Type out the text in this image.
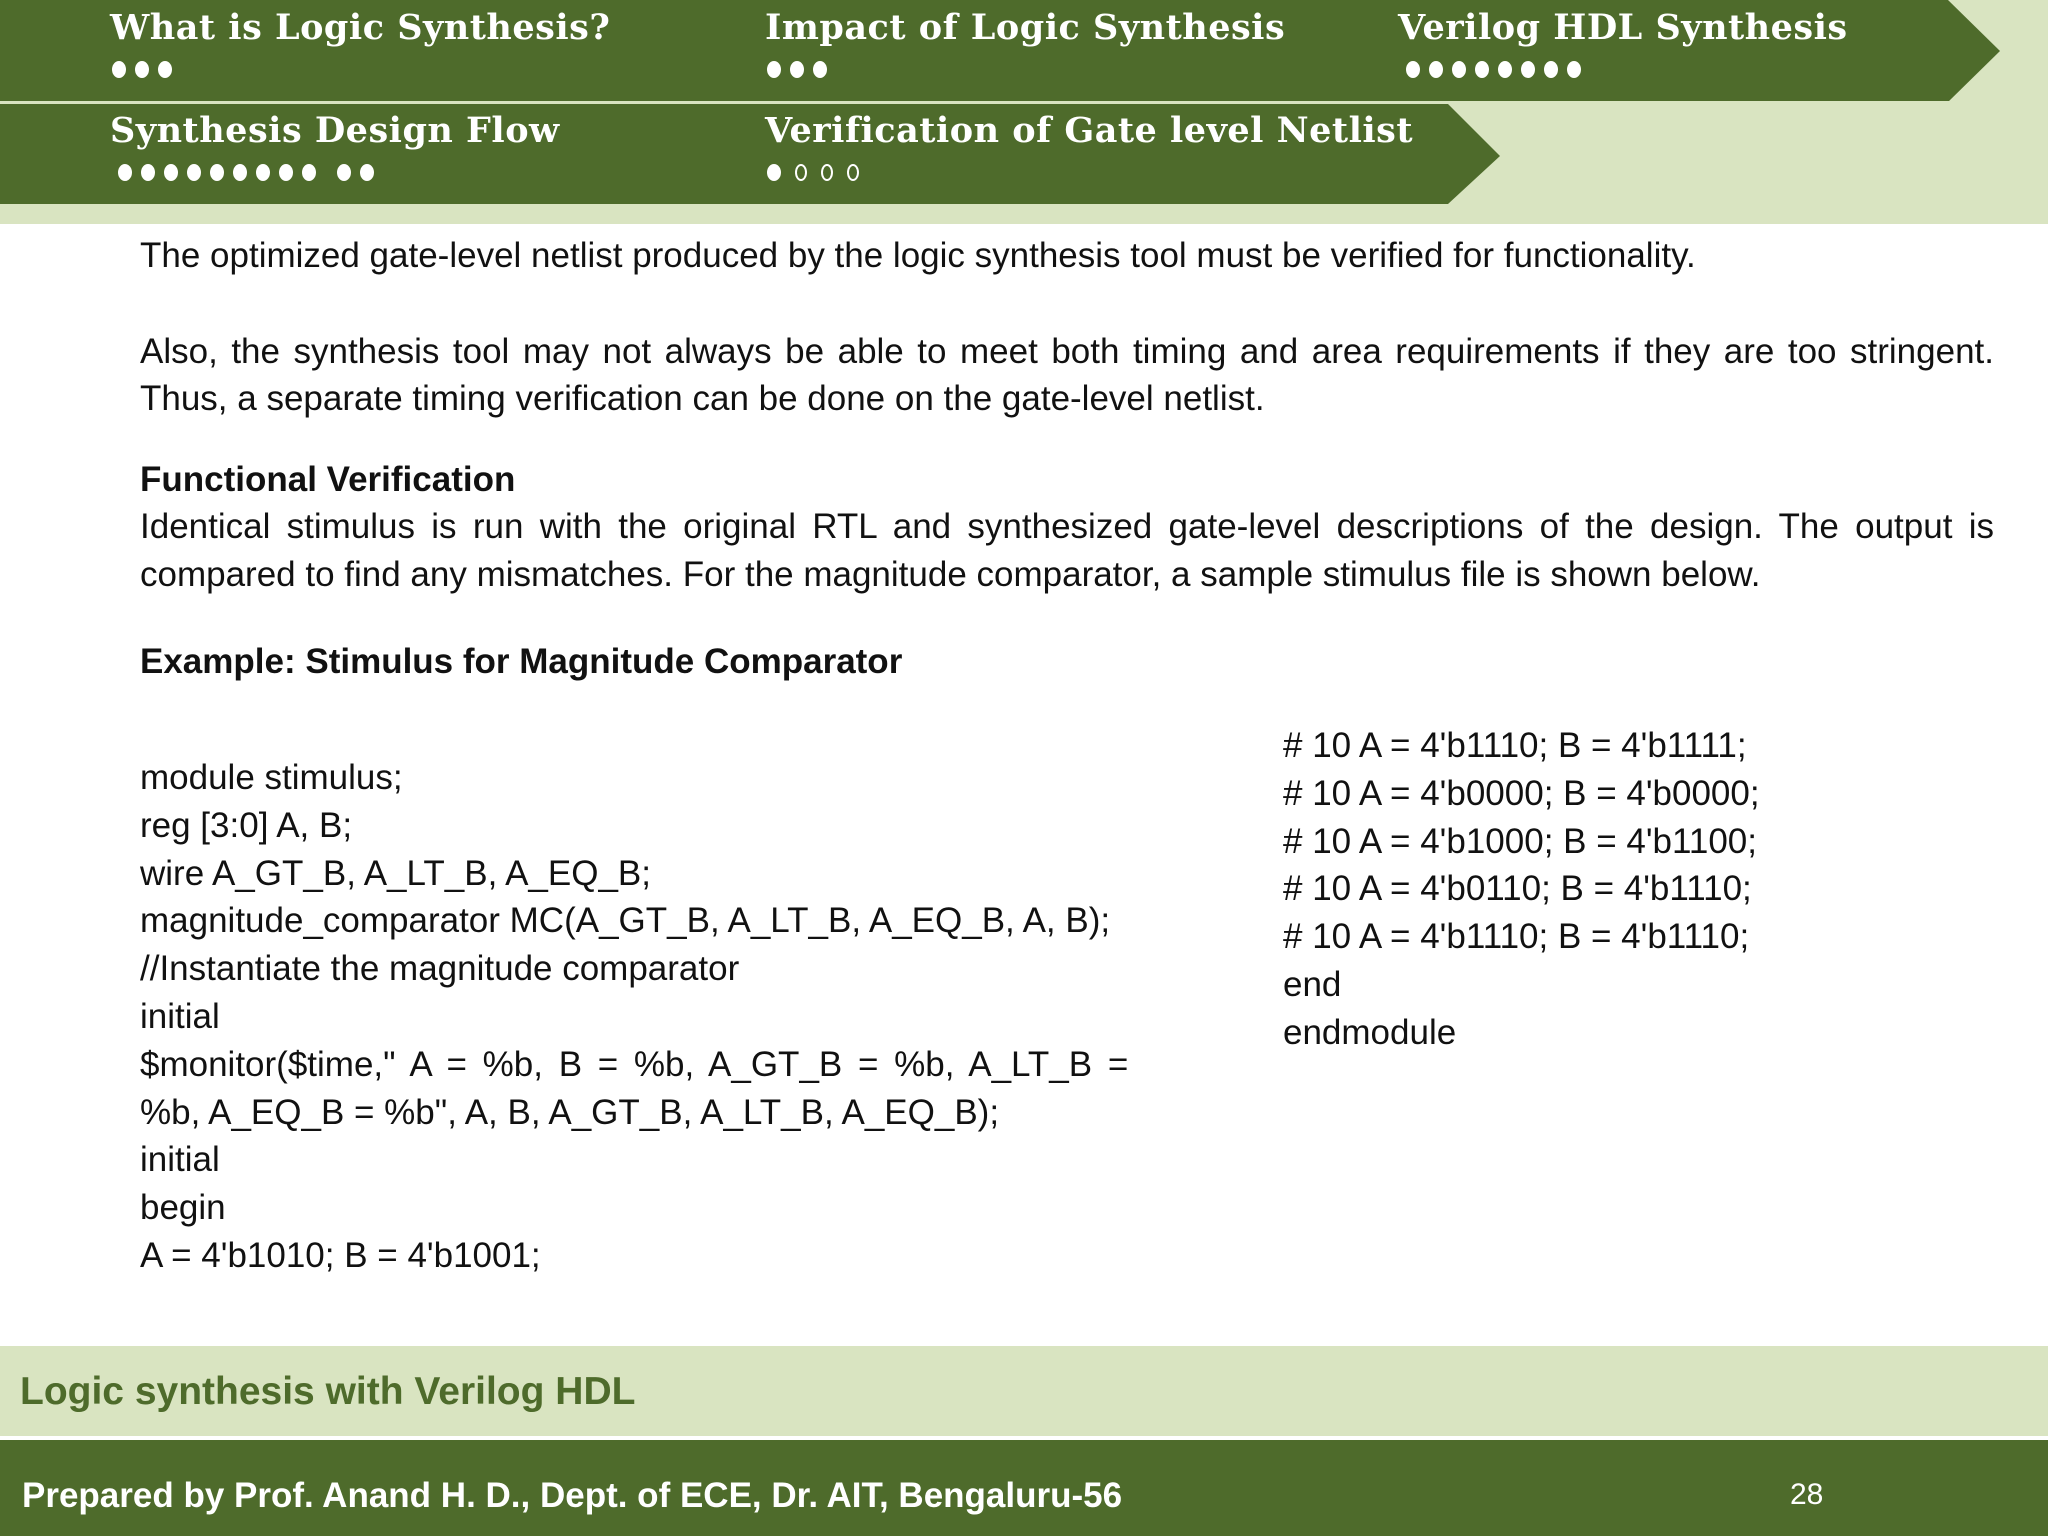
What is Logic Synthesis?	Impact of Logic Synthesis	Verilog HDL Synthesis
Synthesis Design Flow	Verification of Gate level Netlist

The optimized gate-level netlist produced by the logic synthesis tool must be verified for functionality.

Also, the synthesis tool may not always be able to meet both timing and area requirements if they are too stringent. Thus, a separate timing verification can be done on the gate-level netlist.

Functional Verification

Identical stimulus is run with the original RTL and synthesized gate-level descriptions of the design. The output is compared to find any mismatches. For the magnitude comparator, a sample stimulus file is shown below.

Example: Stimulus for Magnitude Comparator

module stimulus;
reg [3:0] A, B;
wire A_GT_B, A_LT_B, A_EQ_B;
magnitude_comparator MC(A_GT_B, A_LT_B, A_EQ_B, A, B);
//Instantiate the magnitude comparator
initial
$monitor($time," A = %b, B = %b, A_GT_B = %b, A_LT_B =
%b, A_EQ_B = %b", A, B, A_GT_B, A_LT_B, A_EQ_B);
initial
begin
A = 4'b1010; B = 4'b1001;
# 10 A = 4'b1110; B = 4'b1111;
# 10 A = 4'b0000; B = 4'b0000;
# 10 A = 4'b1000; B = 4'b1100;
# 10 A = 4'b0110; B = 4'b1110;
# 10 A = 4'b1110; B = 4'b1110;
end
endmodule
Logic synthesis with Verilog HDL
Prepared by Prof. Anand H. D., Dept. of ECE, Dr. AIT, Bengaluru-56	28
